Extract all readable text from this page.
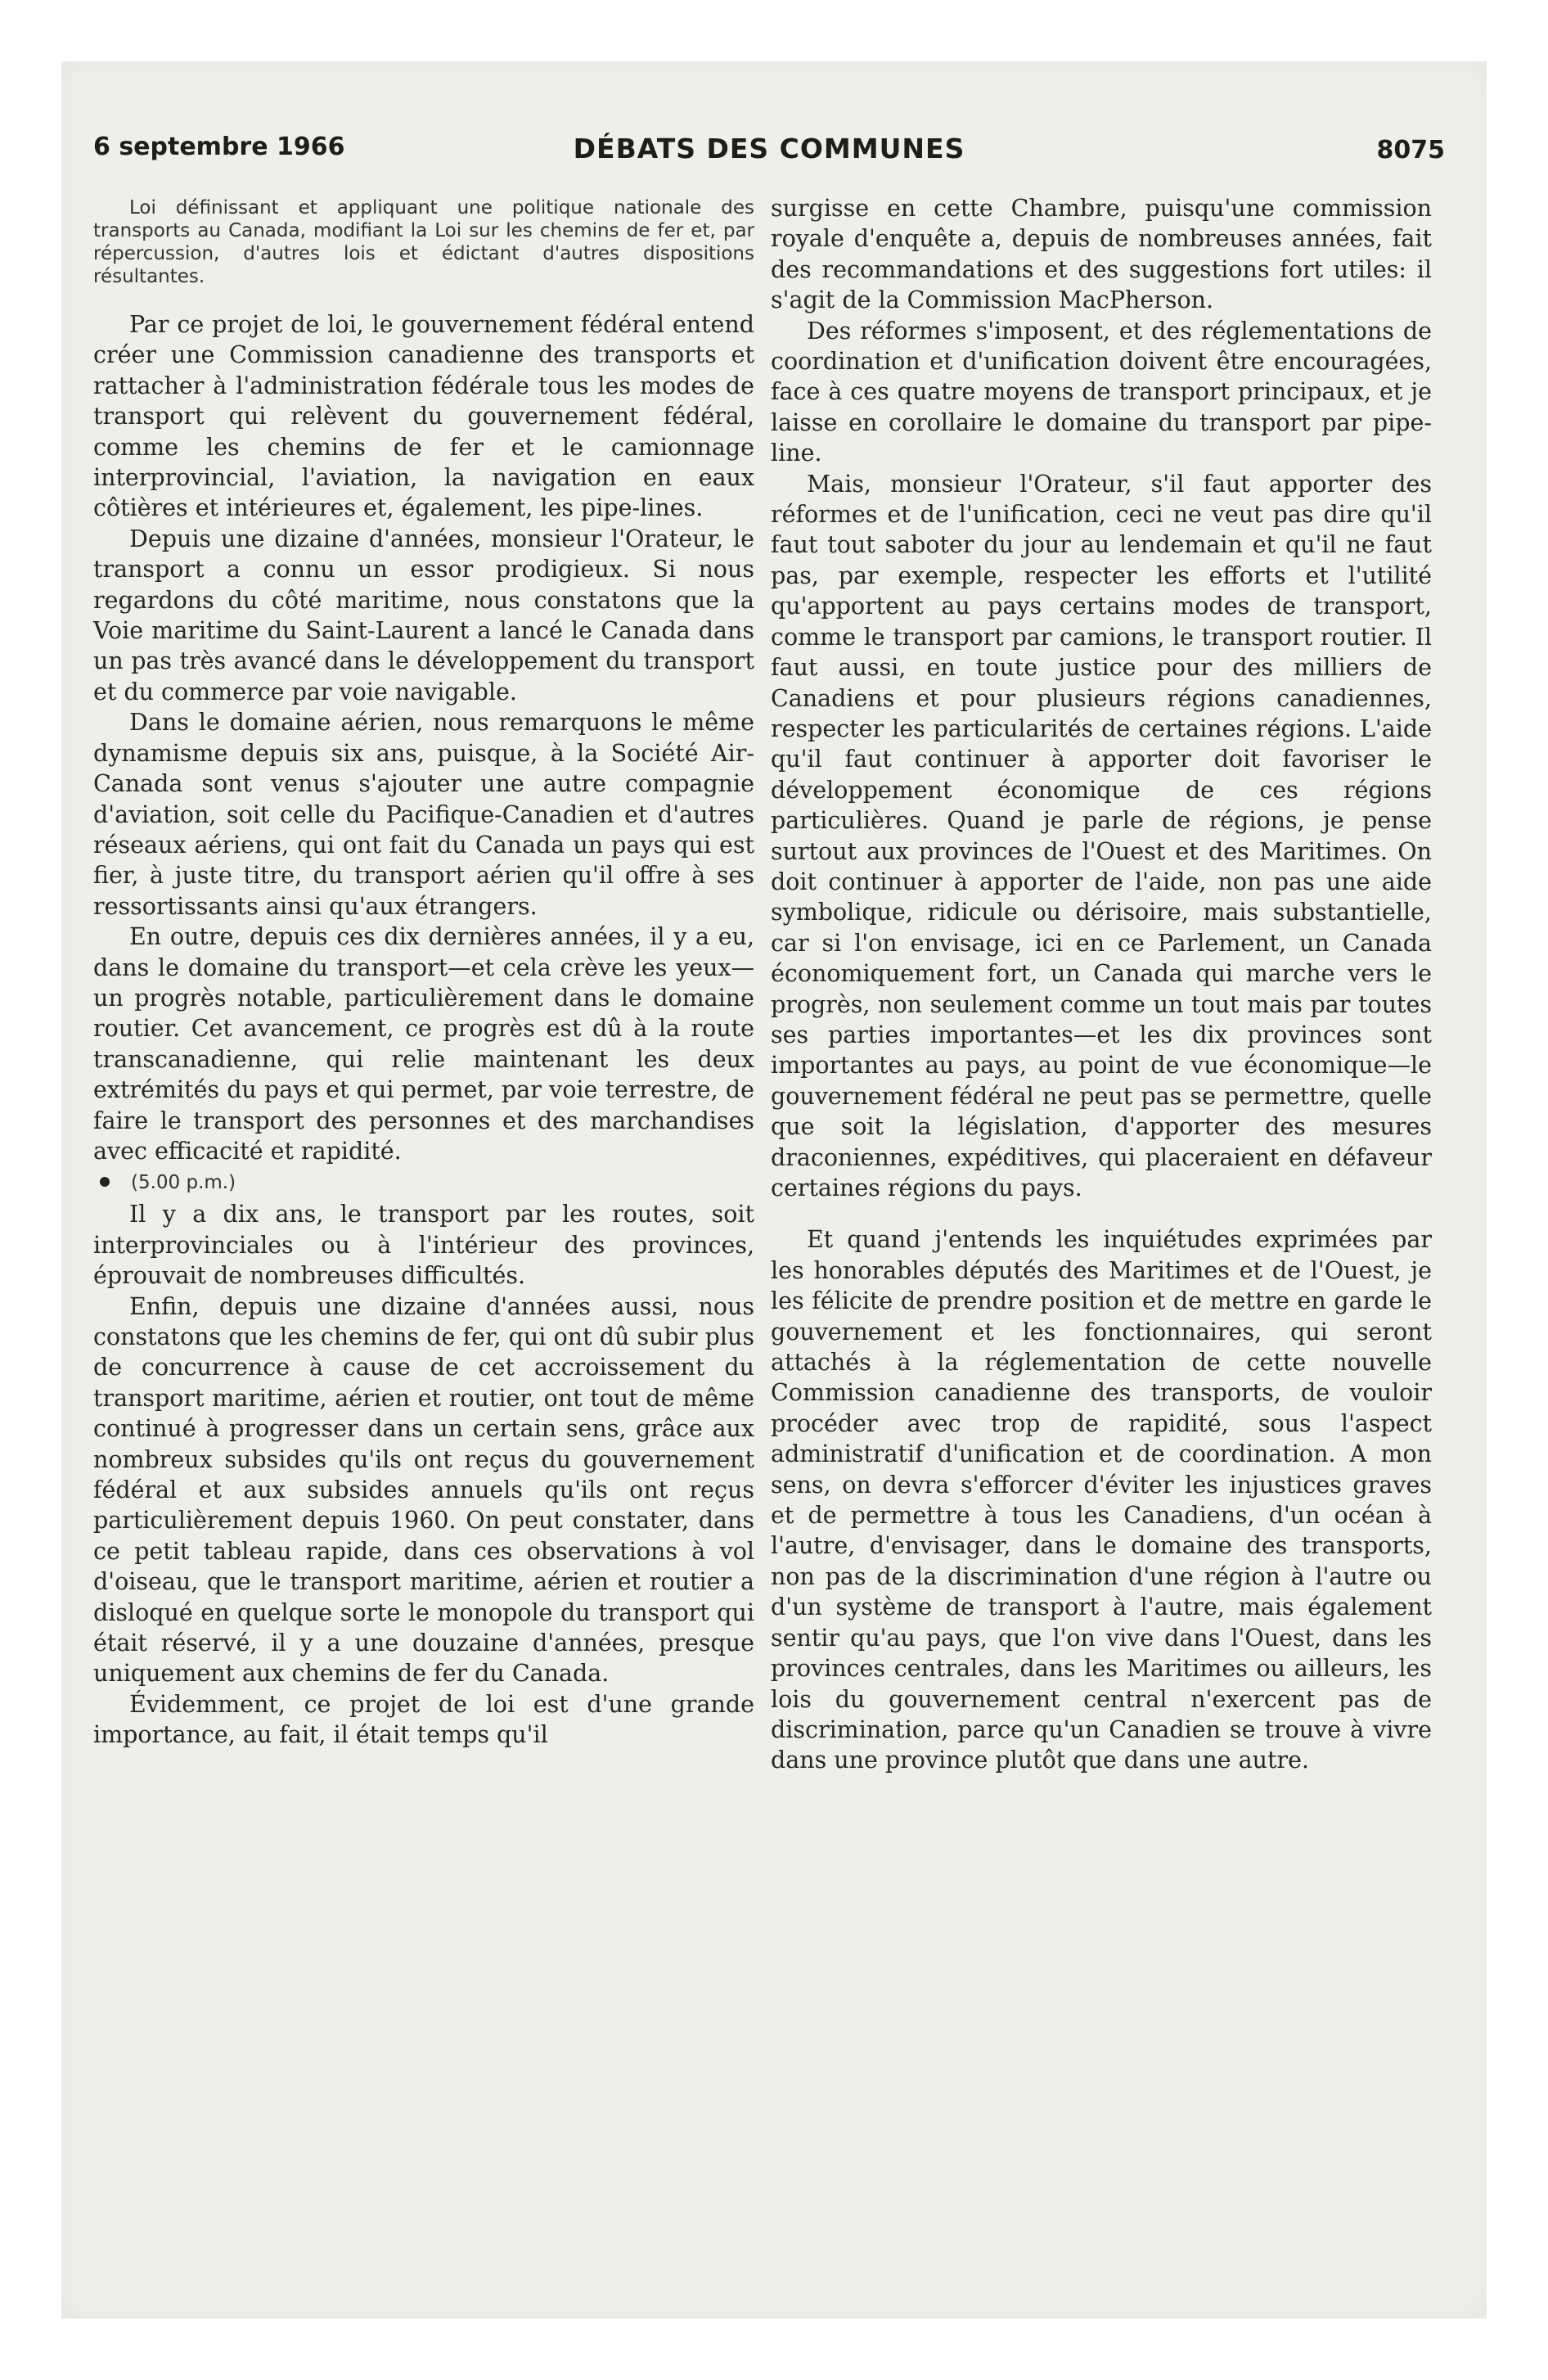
6 septembre 1966	DÉBATS DES COMMUNES	8075

Loi définissant et appliquant une politique nationale des transports au Canada, modifiant la Loi sur les chemins de fer et, par répercussion, d'autres lois et édictant d'autres dispositions résultantes.

Par ce projet de loi, le gouvernement fédéral entend créer une Commission canadienne des transports et rattacher à l'administration fédérale tous les modes de transport qui relèvent du gouvernement fédéral, comme les chemins de fer et le camionnage interprovincial, l'aviation, la navigation en eaux côtières et intérieures et, également, les pipe-lines.

Depuis une dizaine d'années, monsieur l'Orateur, le transport a connu un essor prodigieux. Si nous regardons du côté maritime, nous constatons que la Voie maritime du Saint-Laurent a lancé le Canada dans un pas très avancé dans le développement du transport et du commerce par voie navigable.

Dans le domaine aérien, nous remarquons le même dynamisme depuis six ans, puisque, à la Société Air-Canada sont venus s'ajouter une autre compagnie d'aviation, soit celle du Pacifique-Canadien et d'autres réseaux aériens, qui ont fait du Canada un pays qui est fier, à juste titre, du transport aérien qu'il offre à ses ressortissants ainsi qu'aux étrangers.

En outre, depuis ces dix dernières années, il y a eu, dans le domaine du transport—et cela crève les yeux—un progrès notable, particulièrement dans le domaine routier. Cet avancement, ce progrès est dû à la route transcanadienne, qui relie maintenant les deux extrémités du pays et qui permet, par voie terrestre, de faire le transport des personnes et des marchandises avec efficacité et rapidité.

(5.00 p.m.)

Il y a dix ans, le transport par les routes, soit interprovinciales ou à l'intérieur des provinces, éprouvait de nombreuses difficultés.

Enfin, depuis une dizaine d'années aussi, nous constatons que les chemins de fer, qui ont dû subir plus de concurrence à cause de cet accroissement du transport maritime, aérien et routier, ont tout de même continué à progresser dans un certain sens, grâce aux nombreux subsides qu'ils ont reçus du gouvernement fédéral et aux subsides annuels qu'ils ont reçus particulièrement depuis 1960. On peut constater, dans ce petit tableau rapide, dans ces observations à vol d'oiseau, que le transport maritime, aérien et routier a disloqué en quelque sorte le monopole du transport qui était réservé, il y a une douzaine d'années, presque uniquement aux chemins de fer du Canada.

Évidemment, ce projet de loi est d'une grande importance, au fait, il était temps qu'il

surgisse en cette Chambre, puisqu'une commission royale d'enquête a, depuis de nombreuses années, fait des recommandations et des suggestions fort utiles: il s'agit de la Commission MacPherson.

Des réformes s'imposent, et des réglementations de coordination et d'unification doivent être encouragées, face à ces quatre moyens de transport principaux, et je laisse en corollaire le domaine du transport par pipe-line.

Mais, monsieur l'Orateur, s'il faut apporter des réformes et de l'unification, ceci ne veut pas dire qu'il faut tout saboter du jour au lendemain et qu'il ne faut pas, par exemple, respecter les efforts et l'utilité qu'apportent au pays certains modes de transport, comme le transport par camions, le transport routier. Il faut aussi, en toute justice pour des milliers de Canadiens et pour plusieurs régions canadiennes, respecter les particularités de certaines régions. L'aide qu'il faut continuer à apporter doit favoriser le développement économique de ces régions particulières. Quand je parle de régions, je pense surtout aux provinces de l'Ouest et des Maritimes. On doit continuer à apporter de l'aide, non pas une aide symbolique, ridicule ou dérisoire, mais substantielle, car si l'on envisage, ici en ce Parlement, un Canada économiquement fort, un Canada qui marche vers le progrès, non seulement comme un tout mais par toutes ses parties importantes—et les dix provinces sont importantes au pays, au point de vue économique—le gouvernement fédéral ne peut pas se permettre, quelle que soit la législation, d'apporter des mesures draconiennes, expéditives, qui placeraient en défaveur certaines régions du pays.

Et quand j'entends les inquiétudes exprimées par les honorables députés des Maritimes et de l'Ouest, je les félicite de prendre position et de mettre en garde le gouvernement et les fonctionnaires, qui seront attachés à la réglementation de cette nouvelle Commission canadienne des transports, de vouloir procéder avec trop de rapidité, sous l'aspect administratif d'unification et de coordination. A mon sens, on devra s'efforcer d'éviter les injustices graves et de permettre à tous les Canadiens, d'un océan à l'autre, d'envisager, dans le domaine des transports, non pas de la discrimination d'une région à l'autre ou d'un système de transport à l'autre, mais également sentir qu'au pays, que l'on vive dans l'Ouest, dans les provinces centrales, dans les Maritimes ou ailleurs, les lois du gouvernement central n'exercent pas de discrimination, parce qu'un Canadien se trouve à vivre dans une province plutôt que dans une autre.
